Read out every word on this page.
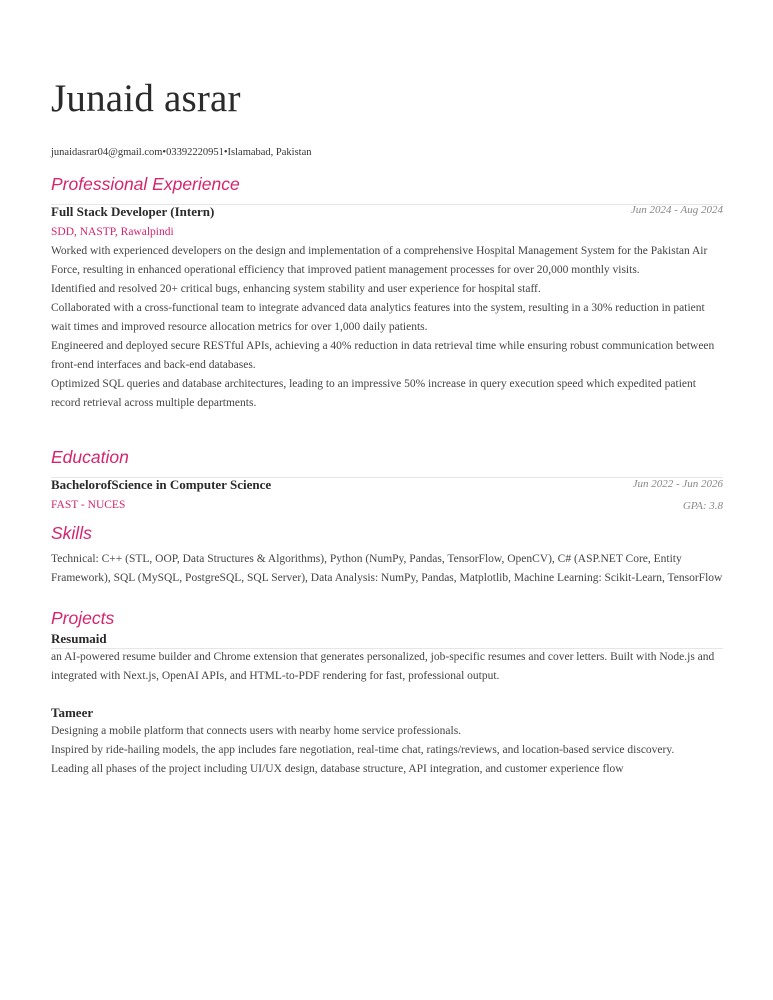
Junaid asrar
junaidasrar04@gmail.com•03392220951•Islamabad, Pakistan
Professional Experience
Full Stack Developer (Intern)	Jun 2024 - Aug 2024
SDD, NASTP, Rawalpindi
Worked with experienced developers on the design and implementation of a comprehensive Hospital Management System for the Pakistan Air Force, resulting in enhanced operational efficiency that improved patient management processes for over 20,000 monthly visits.
Identified and resolved 20+ critical bugs, enhancing system stability and user experience for hospital staff.
Collaborated with a cross-functional team to integrate advanced data analytics features into the system, resulting in a 30% reduction in patient wait times and improved resource allocation metrics for over 1,000 daily patients.
Engineered and deployed secure RESTful APIs, achieving a 40% reduction in data retrieval time while ensuring robust communication between front-end interfaces and back-end databases.
Optimized SQL queries and database architectures, leading to an impressive 50% increase in query execution speed which expedited patient record retrieval across multiple departments.
Education
BachelorofScience in Computer Science	Jun 2022 - Jun 2026
FAST - NUCES	GPA: 3.8
Skills
Technical: C++ (STL, OOP, Data Structures & Algorithms), Python (NumPy, Pandas, TensorFlow, OpenCV), C# (ASP.NET Core, Entity Framework), SQL (MySQL, PostgreSQL, SQL Server), Data Analysis: NumPy, Pandas, Matplotlib, Machine Learning: Scikit-Learn, TensorFlow
Projects
Resumaid
an AI-powered resume builder and Chrome extension that generates personalized, job-specific resumes and cover letters. Built with Node.js and
integrated with Next.js, OpenAI APIs, and HTML-to-PDF rendering for fast, professional output.
Tameer
Designing a mobile platform that connects users with nearby home service professionals.
Inspired by ride-hailing models, the app includes fare negotiation, real-time chat, ratings/reviews, and location-based service discovery.
Leading all phases of the project including UI/UX design, database structure, API integration, and customer experience flow
